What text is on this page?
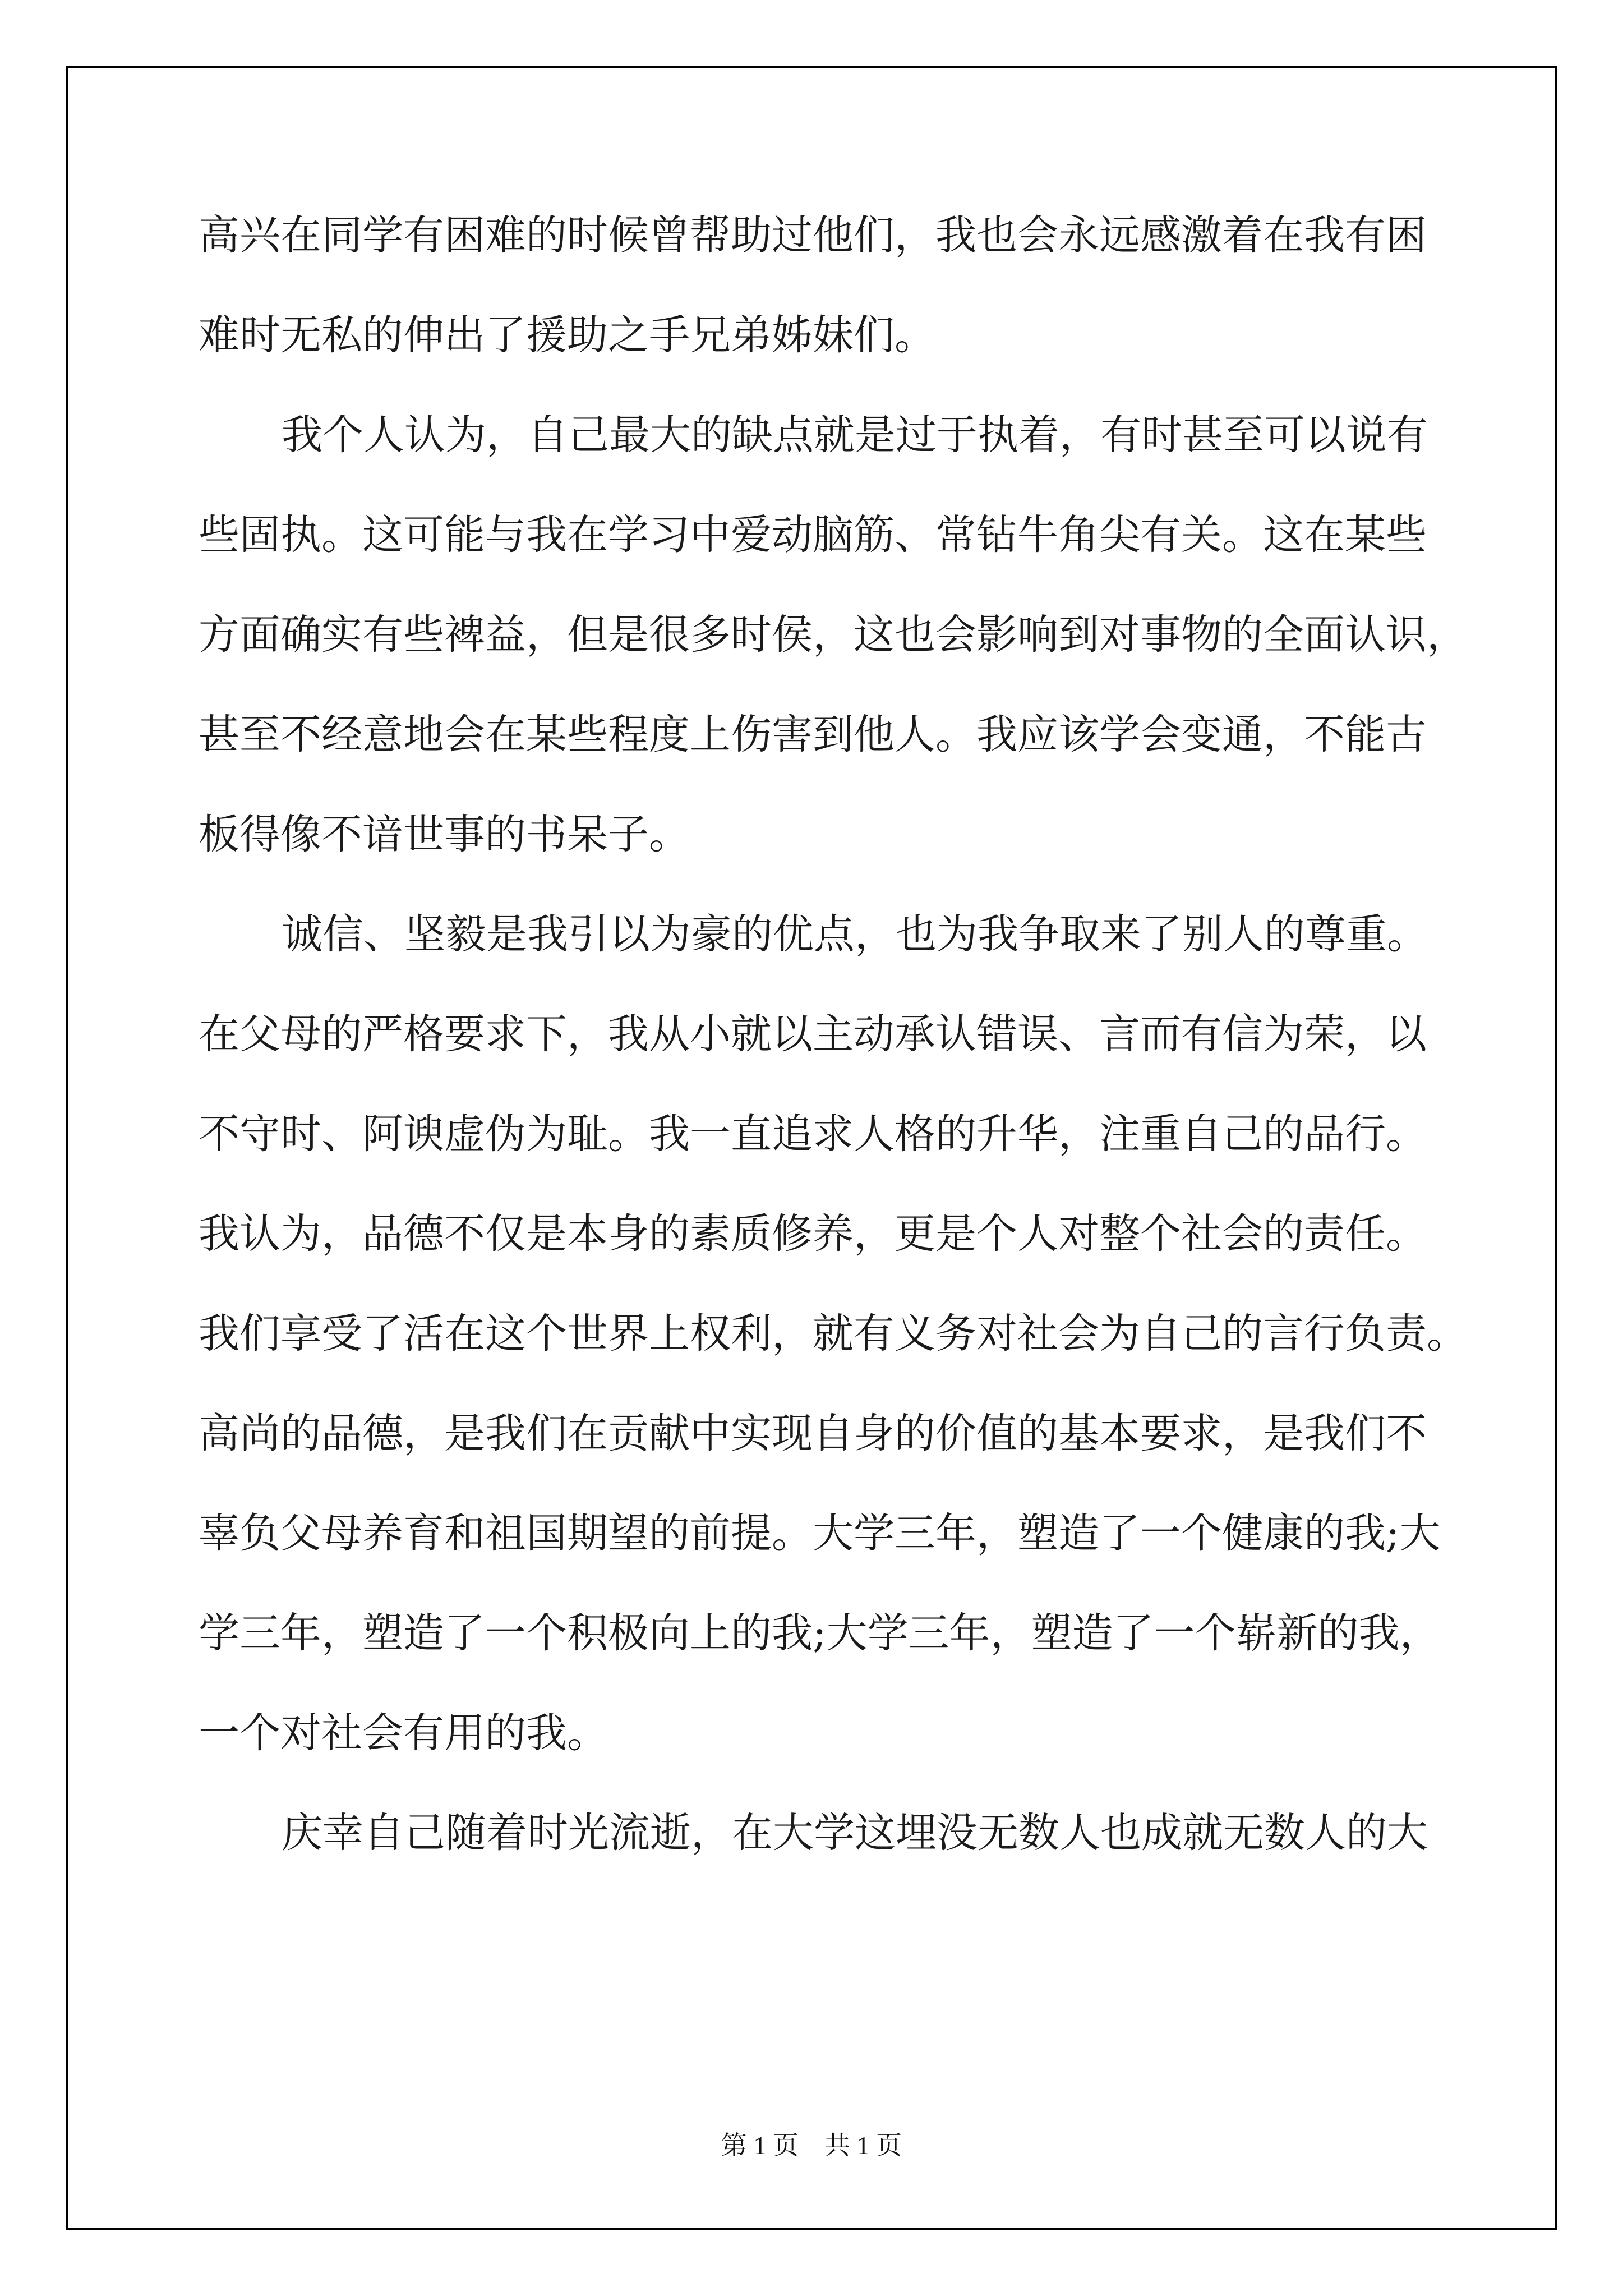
高兴在同学有困难的时候曾帮助过他们，我也会永远感激着在我有困
难时无私的伸出了援助之手兄弟姊妹们。
我个人认为，自己最大的缺点就是过于执着，有时甚至可以说有
些固执。这可能与我在学习中爱动脑筋、常钻牛角尖有关。这在某些
方面确实有些裨益，但是很多时侯，这也会影响到对事物的全面认识，
甚至不经意地会在某些程度上伤害到他人。我应该学会变通，不能古
板得像不谙世事的书呆子。
诚信、坚毅是我引以为豪的优点，也为我争取来了别人的尊重。
在父母的严格要求下，我从小就以主动承认错误、言而有信为荣，以
不守时、阿谀虚伪为耻。我一直追求人格的升华，注重自己的品行。
我认为，品德不仅是本身的素质修养，更是个人对整个社会的责任。
我们享受了活在这个世界上权利，就有义务对社会为自己的言行负责。
高尚的品德，是我们在贡献中实现自身的价值的基本要求，是我们不
辜负父母养育和祖国期望的前提。大学三年，塑造了一个健康的我;大
学三年，塑造了一个积极向上的我;大学三年，塑造了一个崭新的我，
一个对社会有用的我。
庆幸自己随着时光流逝，在大学这埋没无数人也成就无数人的大
第 1 页    共 1 页
